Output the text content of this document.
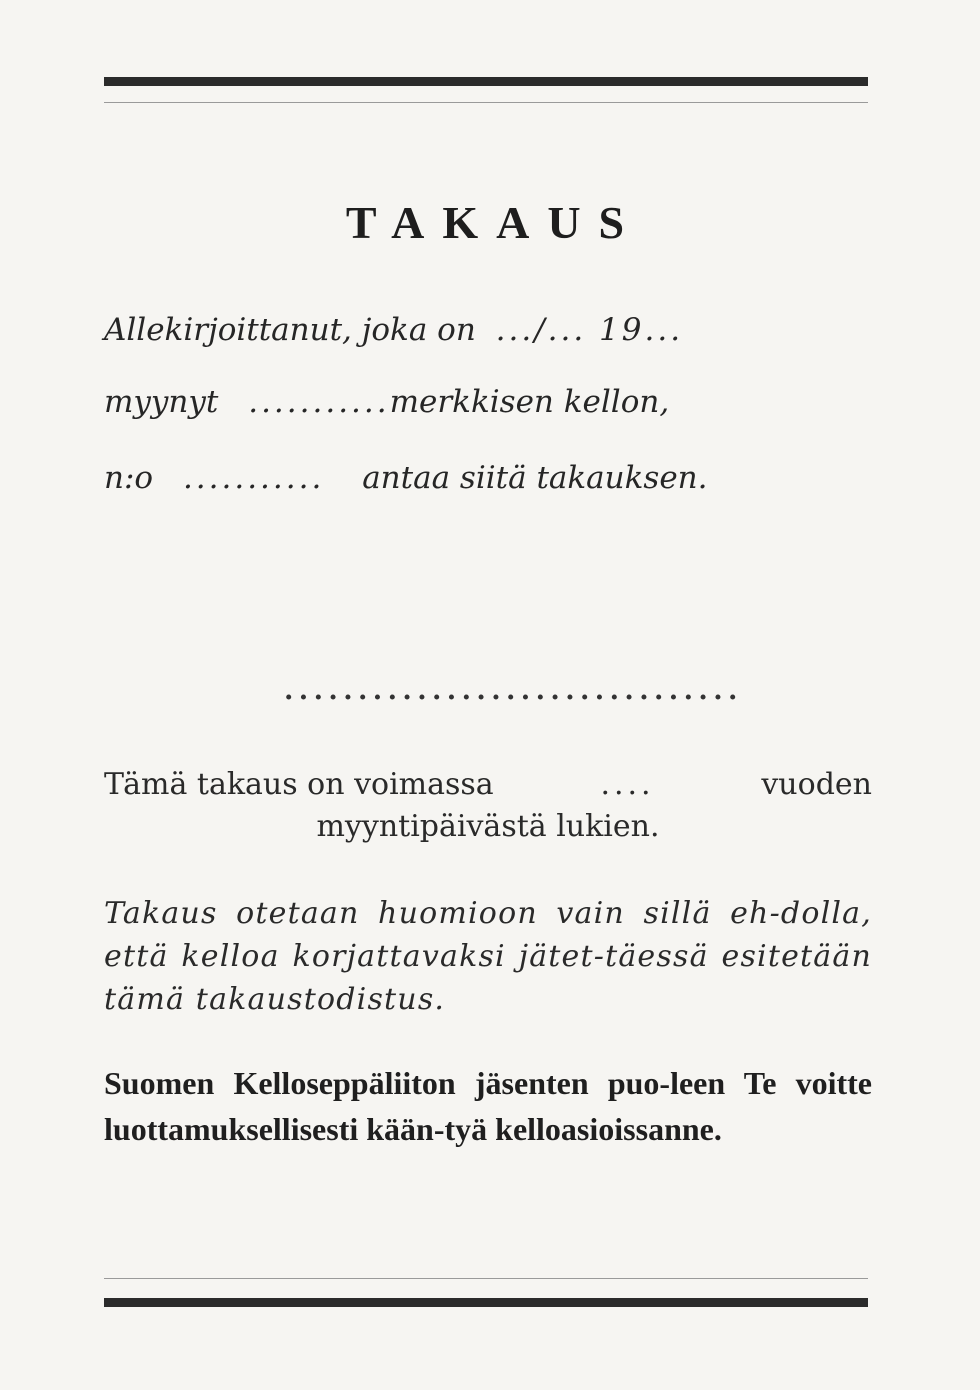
TAKAUS
Allekirjoittanut, joka on .../... 19...
myynyt ...........merkkisen kellon,
n:o ........... antaa siitä takauksen.
...............................
Tämä takaus on voimassa	....	vuoden
myyntipäivästä lukien.
Takaus otetaan huomioon vain sillä eh-dolla, että kelloa korjattavaksi jätet-täessä esitetään tämä takaustodistus.
Suomen Kelloseppäliiton jäsenten puo-leen Te voitte luottamuksellisesti kään-tyä kelloasioissanne.
